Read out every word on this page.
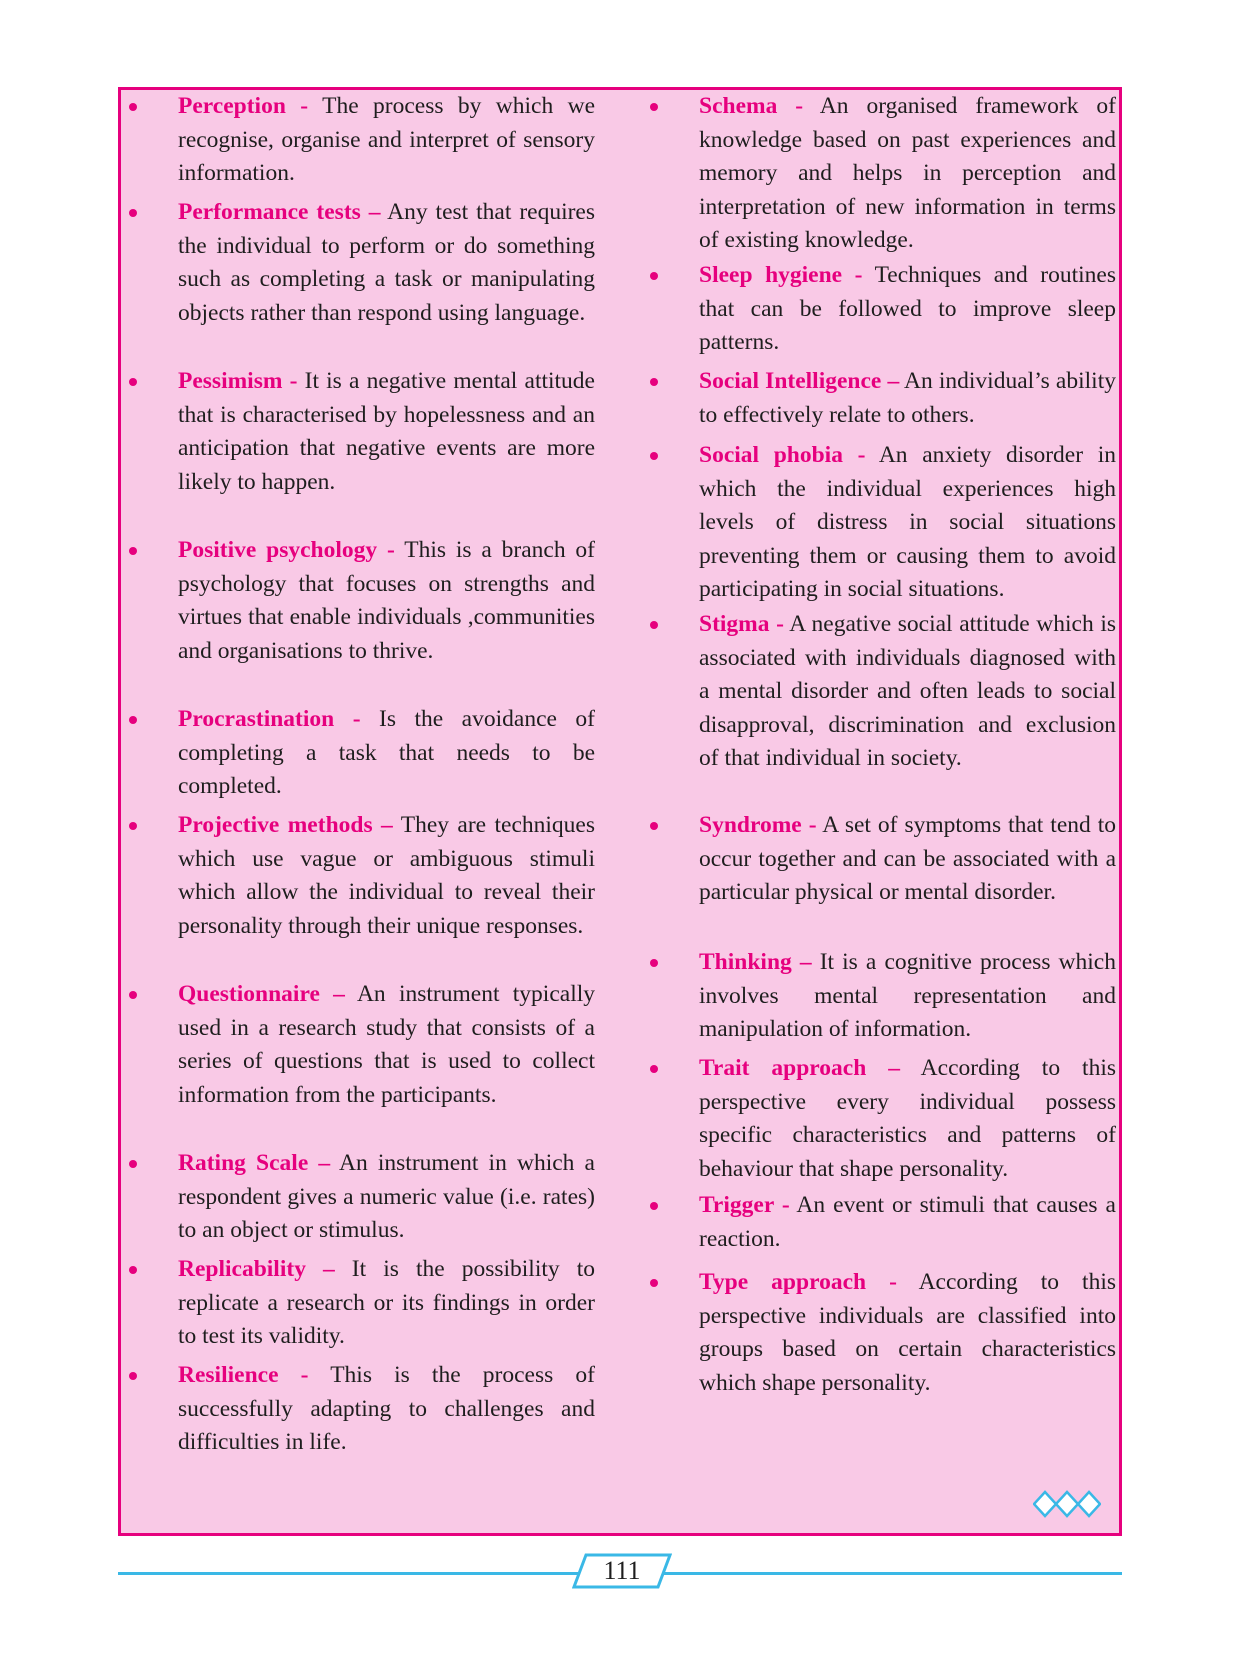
Perception - The process by which we recognise, organise and interpret of sensory information.

Performance tests – Any test that requires the individual to perform or do something such as completing a task or manipulating objects rather than respond using language.

Pessimism - It is a negative mental attitude that is characterised by hopelessness and an anticipation that negative events are more likely to happen.

Positive psychology - This is a branch of psychology that focuses on strengths and virtues that enable individuals ,communities and organisations to thrive.

Procrastination - Is the avoidance of completing a task that needs to be completed.

Projective methods – They are techniques which use vague or ambiguous stimuli which allow the individual to reveal their personality through their unique responses.

Questionnaire – An instrument typically used in a research study that consists of a series of questions that is used to collect information from the participants.

Rating Scale – An instrument in which a respondent gives a numeric value (i.e. rates) to an object or stimulus.

Replicability – It is the possibility to replicate a research or its findings in order to test its validity.

Resilience - This is the process of successfully adapting to challenges and difficulties in life.

Schema - An organised framework of knowledge based on past experiences and memory and helps in perception and interpretation of new information in terms of existing knowledge.

Sleep hygiene - Techniques and routines that can be followed to improve sleep patterns.

Social Intelligence – An individual’s ability to effectively relate to others.

Social phobia - An anxiety disorder in which the individual experiences high levels of distress in social situations preventing them or causing them to avoid participating in social situations.

Stigma - A negative social attitude which is associated with individuals diagnosed with a mental disorder and often leads to social disapproval, discrimination and exclusion of that individual in society.

Syndrome - A set of symptoms that tend to occur together and can be associated with a particular physical or mental disorder.

Thinking – It is a cognitive process which involves mental representation and manipulation of information.

Trait approach – According to this perspective every individual possess specific characteristics and patterns of behaviour that shape personality.

Trigger - An event or stimuli that causes a reaction.

Type approach - According to this perspective individuals are classified into groups based on certain characteristics which shape personality.

111
